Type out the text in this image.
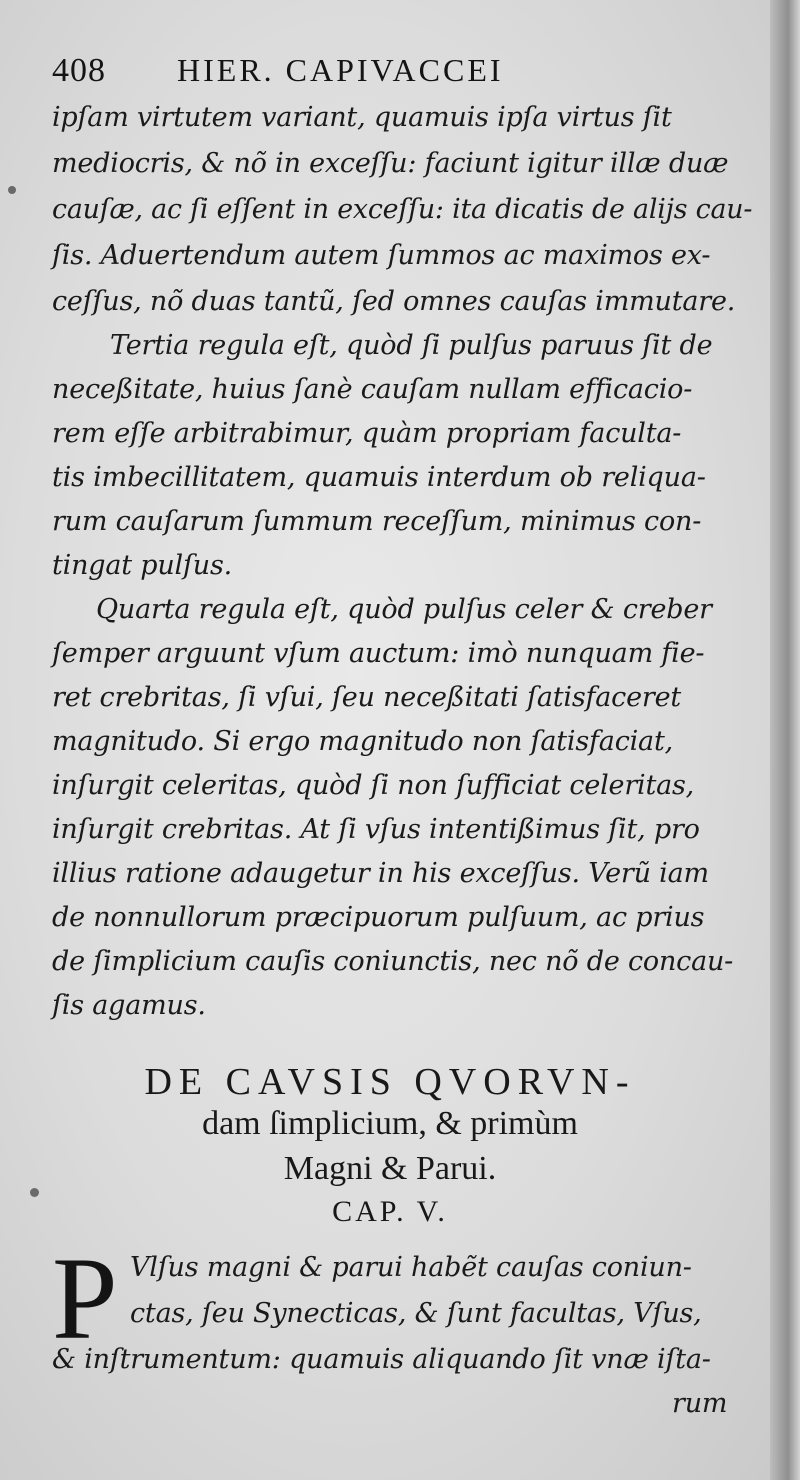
408 HIER. CAPIVACCEI
ipſam virtutem variant, quamuis ipſa virtus ſit
mediocris, & nõ in exceſſu: faciunt igitur illæ duæ
cauſæ, ac ſi eſſent in exceſſu: ita dicatis de alijs cau-
ſis. Aduertendum autem ſummos ac maximos ex-
ceſſus, nõ duas tantũ, ſed omnes cauſas immutare.
Tertia regula eſt, quòd ſi pulſus paruus ſit de
neceßitate, huius ſanè cauſam nullam efficacio-
rem eſſe arbitrabimur, quàm propriam faculta-
tis imbecillitatem, quamuis interdum ob reliqua-
rum cauſarum ſummum receſſum, minimus con-
tingat pulſus.
Quarta regula eſt, quòd pulſus celer & creber
ſemper arguunt vſum auctum: imò nunquam fie-
ret crebritas, ſi vſui, ſeu neceßitati ſatisfaceret
magnitudo. Si ergo magnitudo non ſatisfaciat,
inſurgit celeritas, quòd ſi non ſufficiat celeritas,
inſurgit crebritas. At ſi vſus intentißimus ſit, pro
illius ratione adaugetur in his exceſſus. Verũ iam
de nonnullorum præcipuorum pulſuum, ac prius
de ſimplicium cauſis coniunctis, nec nõ de concau-
ſis agamus.
DE CAVSIS QVORVN-
dam ſimplicium, & primùm
Magni & Parui.
CAP. V.
P Vlſus magni & parui habẽt cauſas coniun-
ctas, ſeu Synecticas, & ſunt facultas, Vſus,
& inſtrumentum: quamuis aliquando ſit vnæ iſta-
rum
